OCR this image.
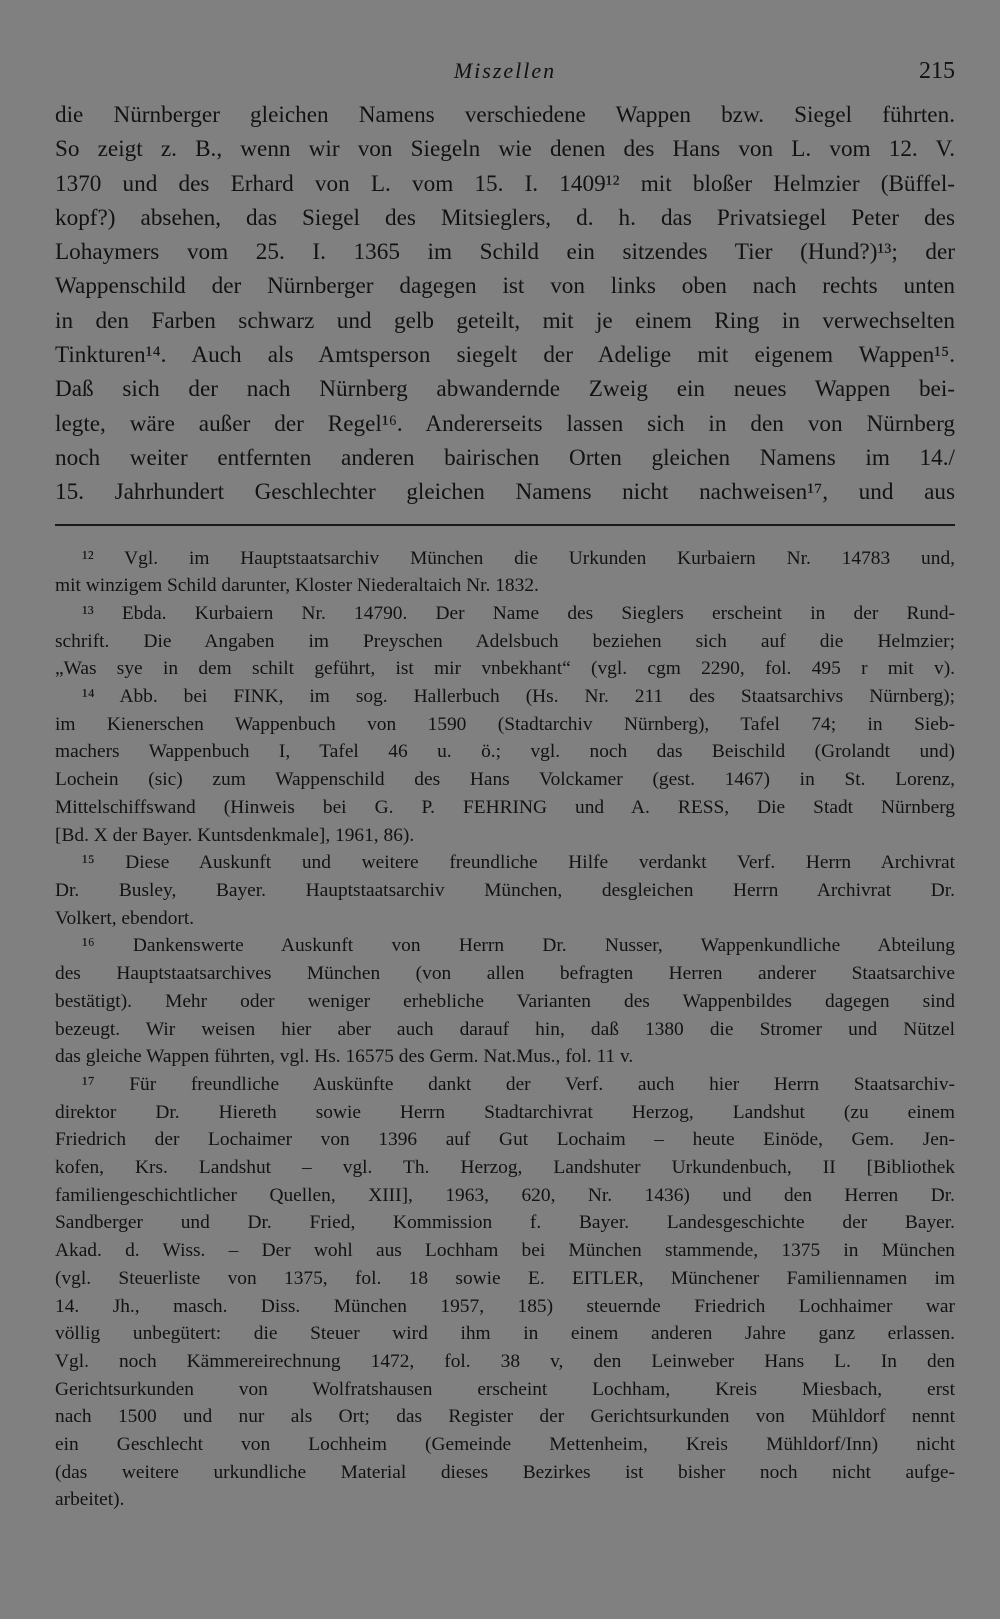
Miszellen	215
die Nürnberger gleichen Namens verschiedene Wappen bzw. Siegel führten.
So zeigt z. B., wenn wir von Siegeln wie denen des Hans von L. vom 12. V.
1370 und des Erhard von L. vom 15. I. 1409¹² mit bloßer Helmzier (Büffel-
kopf?) absehen, das Siegel des Mitsieglers, d. h. das Privatsiegel Peter des
Lohaymers vom 25. I. 1365 im Schild ein sitzendes Tier (Hund?)¹³; der
Wappenschild der Nürnberger dagegen ist von links oben nach rechts unten
in den Farben schwarz und gelb geteilt, mit je einem Ring in verwechselten
Tinkturen¹⁴. Auch als Amtsperson siegelt der Adelige mit eigenem Wappen¹⁵.
Daß sich der nach Nürnberg abwandernde Zweig ein neues Wappen bei-
legte, wäre außer der Regel¹⁶. Andererseits lassen sich in den von Nürnberg
noch weiter entfernten anderen bairischen Orten gleichen Namens im 14./
15. Jahrhundert Geschlechter gleichen Namens nicht nachweisen¹⁷, und aus
¹² Vgl. im Hauptstaatsarchiv München die Urkunden Kurbaiern Nr. 14783 und,
mit winzigem Schild darunter, Kloster Niederaltaich Nr. 1832.
¹³ Ebda. Kurbaiern Nr. 14790. Der Name des Sieglers erscheint in der Rund-
schrift. Die Angaben im Preyschen Adelsbuch beziehen sich auf die Helmzier;
„Was sye in dem schilt geführt, ist mir vnbekhant“ (vgl. cgm 2290, fol. 495 r mit v).
¹⁴ Abb. bei FINK, im sog. Hallerbuch (Hs. Nr. 211 des Staatsarchivs Nürnberg);
im Kienerschen Wappenbuch von 1590 (Stadtarchiv Nürnberg), Tafel 74; in Sieb-
machers Wappenbuch I, Tafel 46 u. ö.; vgl. noch das Beischild (Grolandt und)
Lochein (sic) zum Wappenschild des Hans Volckamer (gest. 1467) in St. Lorenz,
Mittelschiffswand (Hinweis bei G. P. FEHRING und A. RESS, Die Stadt Nürnberg
[Bd. X der Bayer. Kuntsdenkmale], 1961, 86).
¹⁵ Diese Auskunft und weitere freundliche Hilfe verdankt Verf. Herrn Archivrat
Dr. Busley, Bayer. Hauptstaatsarchiv München, desgleichen Herrn Archivrat Dr.
Volkert, ebendort.
¹⁶ Dankenswerte Auskunft von Herrn Dr. Nusser, Wappenkundliche Abteilung
des Hauptstaatsarchives München (von allen befragten Herren anderer Staatsarchive
bestätigt). Mehr oder weniger erhebliche Varianten des Wappenbildes dagegen sind
bezeugt. Wir weisen hier aber auch darauf hin, daß 1380 die Stromer und Nützel
das gleiche Wappen führten, vgl. Hs. 16575 des Germ. Nat.Mus., fol. 11 v.
¹⁷ Für freundliche Auskünfte dankt der Verf. auch hier Herrn Staatsarchiv-
direktor Dr. Hiereth sowie Herrn Stadtarchivrat Herzog, Landshut (zu einem
Friedrich der Lochaimer von 1396 auf Gut Lochaim – heute Einöde, Gem. Jen-
kofen, Krs. Landshut – vgl. Th. Herzog, Landshuter Urkundenbuch, II [Bibliothek
familiengeschichtlicher Quellen, XIII], 1963, 620, Nr. 1436) und den Herren Dr.
Sandberger und Dr. Fried, Kommission f. Bayer. Landesgeschichte der Bayer.
Akad. d. Wiss. – Der wohl aus Lochham bei München stammende, 1375 in München
(vgl. Steuerliste von 1375, fol. 18 sowie E. EITLER, Münchener Familiennamen im
14. Jh., masch. Diss. München 1957, 185) steuernde Friedrich Lochhaimer war
völlig unbegütert: die Steuer wird ihm in einem anderen Jahre ganz erlassen.
Vgl. noch Kämmereirechnung 1472, fol. 38 v, den Leinweber Hans L. In den
Gerichtsurkunden von Wolfratshausen erscheint Lochham, Kreis Miesbach, erst
nach 1500 und nur als Ort; das Register der Gerichtsurkunden von Mühldorf nennt
ein Geschlecht von Lochheim (Gemeinde Mettenheim, Kreis Mühldorf/Inn) nicht
(das weitere urkundliche Material dieses Bezirkes ist bisher noch nicht aufge-
arbeitet).
